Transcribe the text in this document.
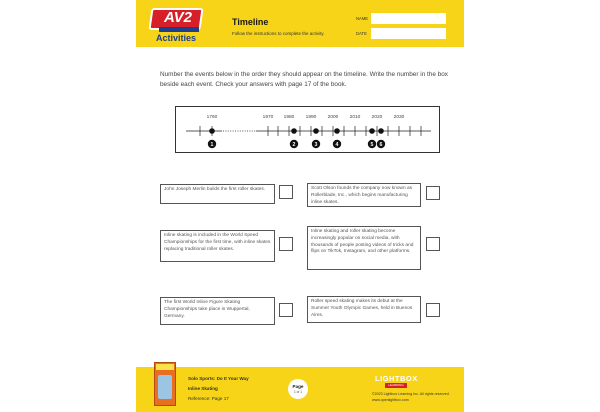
AV2
Activities
Timeline
Follow the instructions to complete the activity.
NAME
DATE
Number the events below in the order they should appear on the timeline. Write the number in the box beside each event. Check your answers with page 17 of the book.
1760	1970 1980 1990 2000 2010 2020 2030
1	2	3	4	5 6
John Joseph Merlin builds the first roller skates.	Scott Olson founds the company now known as Rollerblade, Inc., which begins manufacturing inline skates.
Inline skating is included in the World Speed Championships for the first time, with inline skates replacing traditional roller skates.
Inline skating and roller skating become increasingly popular on social media, with thousands of people posting videos of tricks and flips on TikTok, Instagram, and other platforms.
The first World Inline Figure Skating Championships take place in Wuppertal, Germany.
Roller speed skating makes its debut at the Summer Youth Olympic Games, held in Buenos Aires.
Solo Sports: Do It Your Way
Inline Skating
Reference: Page 17
Page
1 of 1
LIGHTBOX
LEARNING
©2023 Lightbox Learning Inc. All rights reserved.
www.openlightbox.com
